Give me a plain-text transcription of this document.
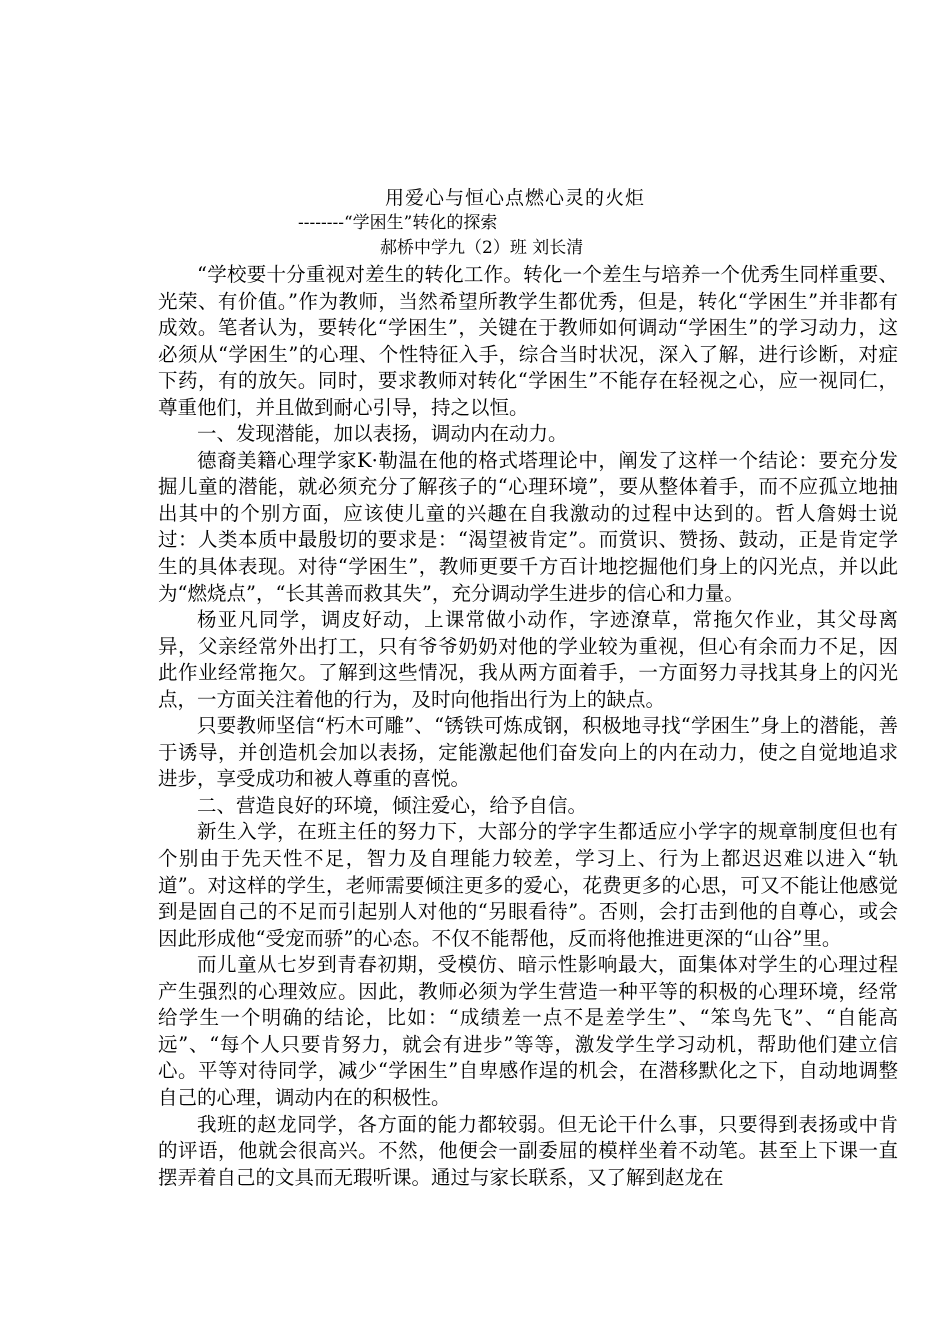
用爱心与恒心点燃心灵的火炬
--------“学困生”转化的探索
郝桥中学九（2）班 刘长清

“学校要十分重视对差生的转化工作。转化一个差生与培养一个优秀生同样重要、光荣、有价值。”作为教师，当然希望所教学生都优秀，但是，转化“学困生”并非都有成效。笔者认为，要转化“学困生”，关键在于教师如何调动“学困生”的学习动力，这必须从“学困生”的心理、个性特征入手，综合当时状况，深入了解，进行诊断，对症下药，有的放矢。同时，要求教师对转化“学困生”不能存在轻视之心，应一视同仁，尊重他们，并且做到耐心引导，持之以恒。

一、发现潜能，加以表扬，调动内在动力。

德裔美籍心理学家K·勒温在他的格式塔理论中，阐发了这样一个结论：要充分发掘儿童的潜能，就必须充分了解孩子的“心理环境”，要从整体着手，而不应孤立地抽出其中的个别方面，应该使儿童的兴趣在自我激动的过程中达到的。哲人詹姆士说过：人类本质中最殷切的要求是：“渴望被肯定”。而赏识、赞扬、鼓动，正是肯定学生的具体表现。对待“学困生”，教师更要千方百计地挖掘他们身上的闪光点，并以此为“燃烧点”，“长其善而救其失”，充分调动学生进步的信心和力量。

杨亚凡同学，调皮好动，上课常做小动作，字迹潦草，常拖欠作业，其父母离异，父亲经常外出打工，只有爷爷奶奶对他的学业较为重视，但心有余而力不足，因此作业经常拖欠。了解到这些情况，我从两方面着手，一方面努力寻找其身上的闪光点，一方面关注着他的行为，及时向他指出行为上的缺点。

只要教师坚信“朽木可雕”、“锈铁可炼成钢，积极地寻找“学困生”身上的潜能，善于诱导，并创造机会加以表扬，定能激起他们奋发向上的内在动力，使之自觉地追求进步，享受成功和被人尊重的喜悦。

二、营造良好的环境，倾注爱心，给予自信。

新生入学，在班主任的努力下，大部分的学字生都适应小学字的规章制度但也有个别由于先天性不足，智力及自理能力较差，学习上、行为上都迟迟难以进入“轨道”。对这样的学生，老师需要倾注更多的爱心，花费更多的心思，可又不能让他感觉到是固自己的不足而引起别人对他的“另眼看待”。否则，会打击到他的自尊心，或会因此形成他“受宠而骄”的心态。不仅不能帮他，反而将他推进更深的“山谷”里。

而儿童从七岁到青春初期，受模仿、暗示性影响最大，面集体对学生的心理过程产生强烈的心理效应。因此，教师必须为学生营造一种平等的积极的心理环境，经常给学生一个明确的结论，比如：“成绩差一点不是差学生”、“笨鸟先飞”、“自能高远”、“每个人只要肯努力，就会有进步”等等，激发学生学习动机，帮助他们建立信心。平等对待同学，减少“学困生”自卑感作逞的机会，在潜移默化之下，自动地调整自己的心理，调动内在的积极性。

我班的赵龙同学，各方面的能力都较弱。但无论干什么事，只要得到表扬或中肯的评语，他就会很高兴。不然，他便会一副委屈的模样坐着不动笔。甚至上下课一直摆弄着自己的文具而无瑕听课。通过与家长联系，又了解到赵龙在
